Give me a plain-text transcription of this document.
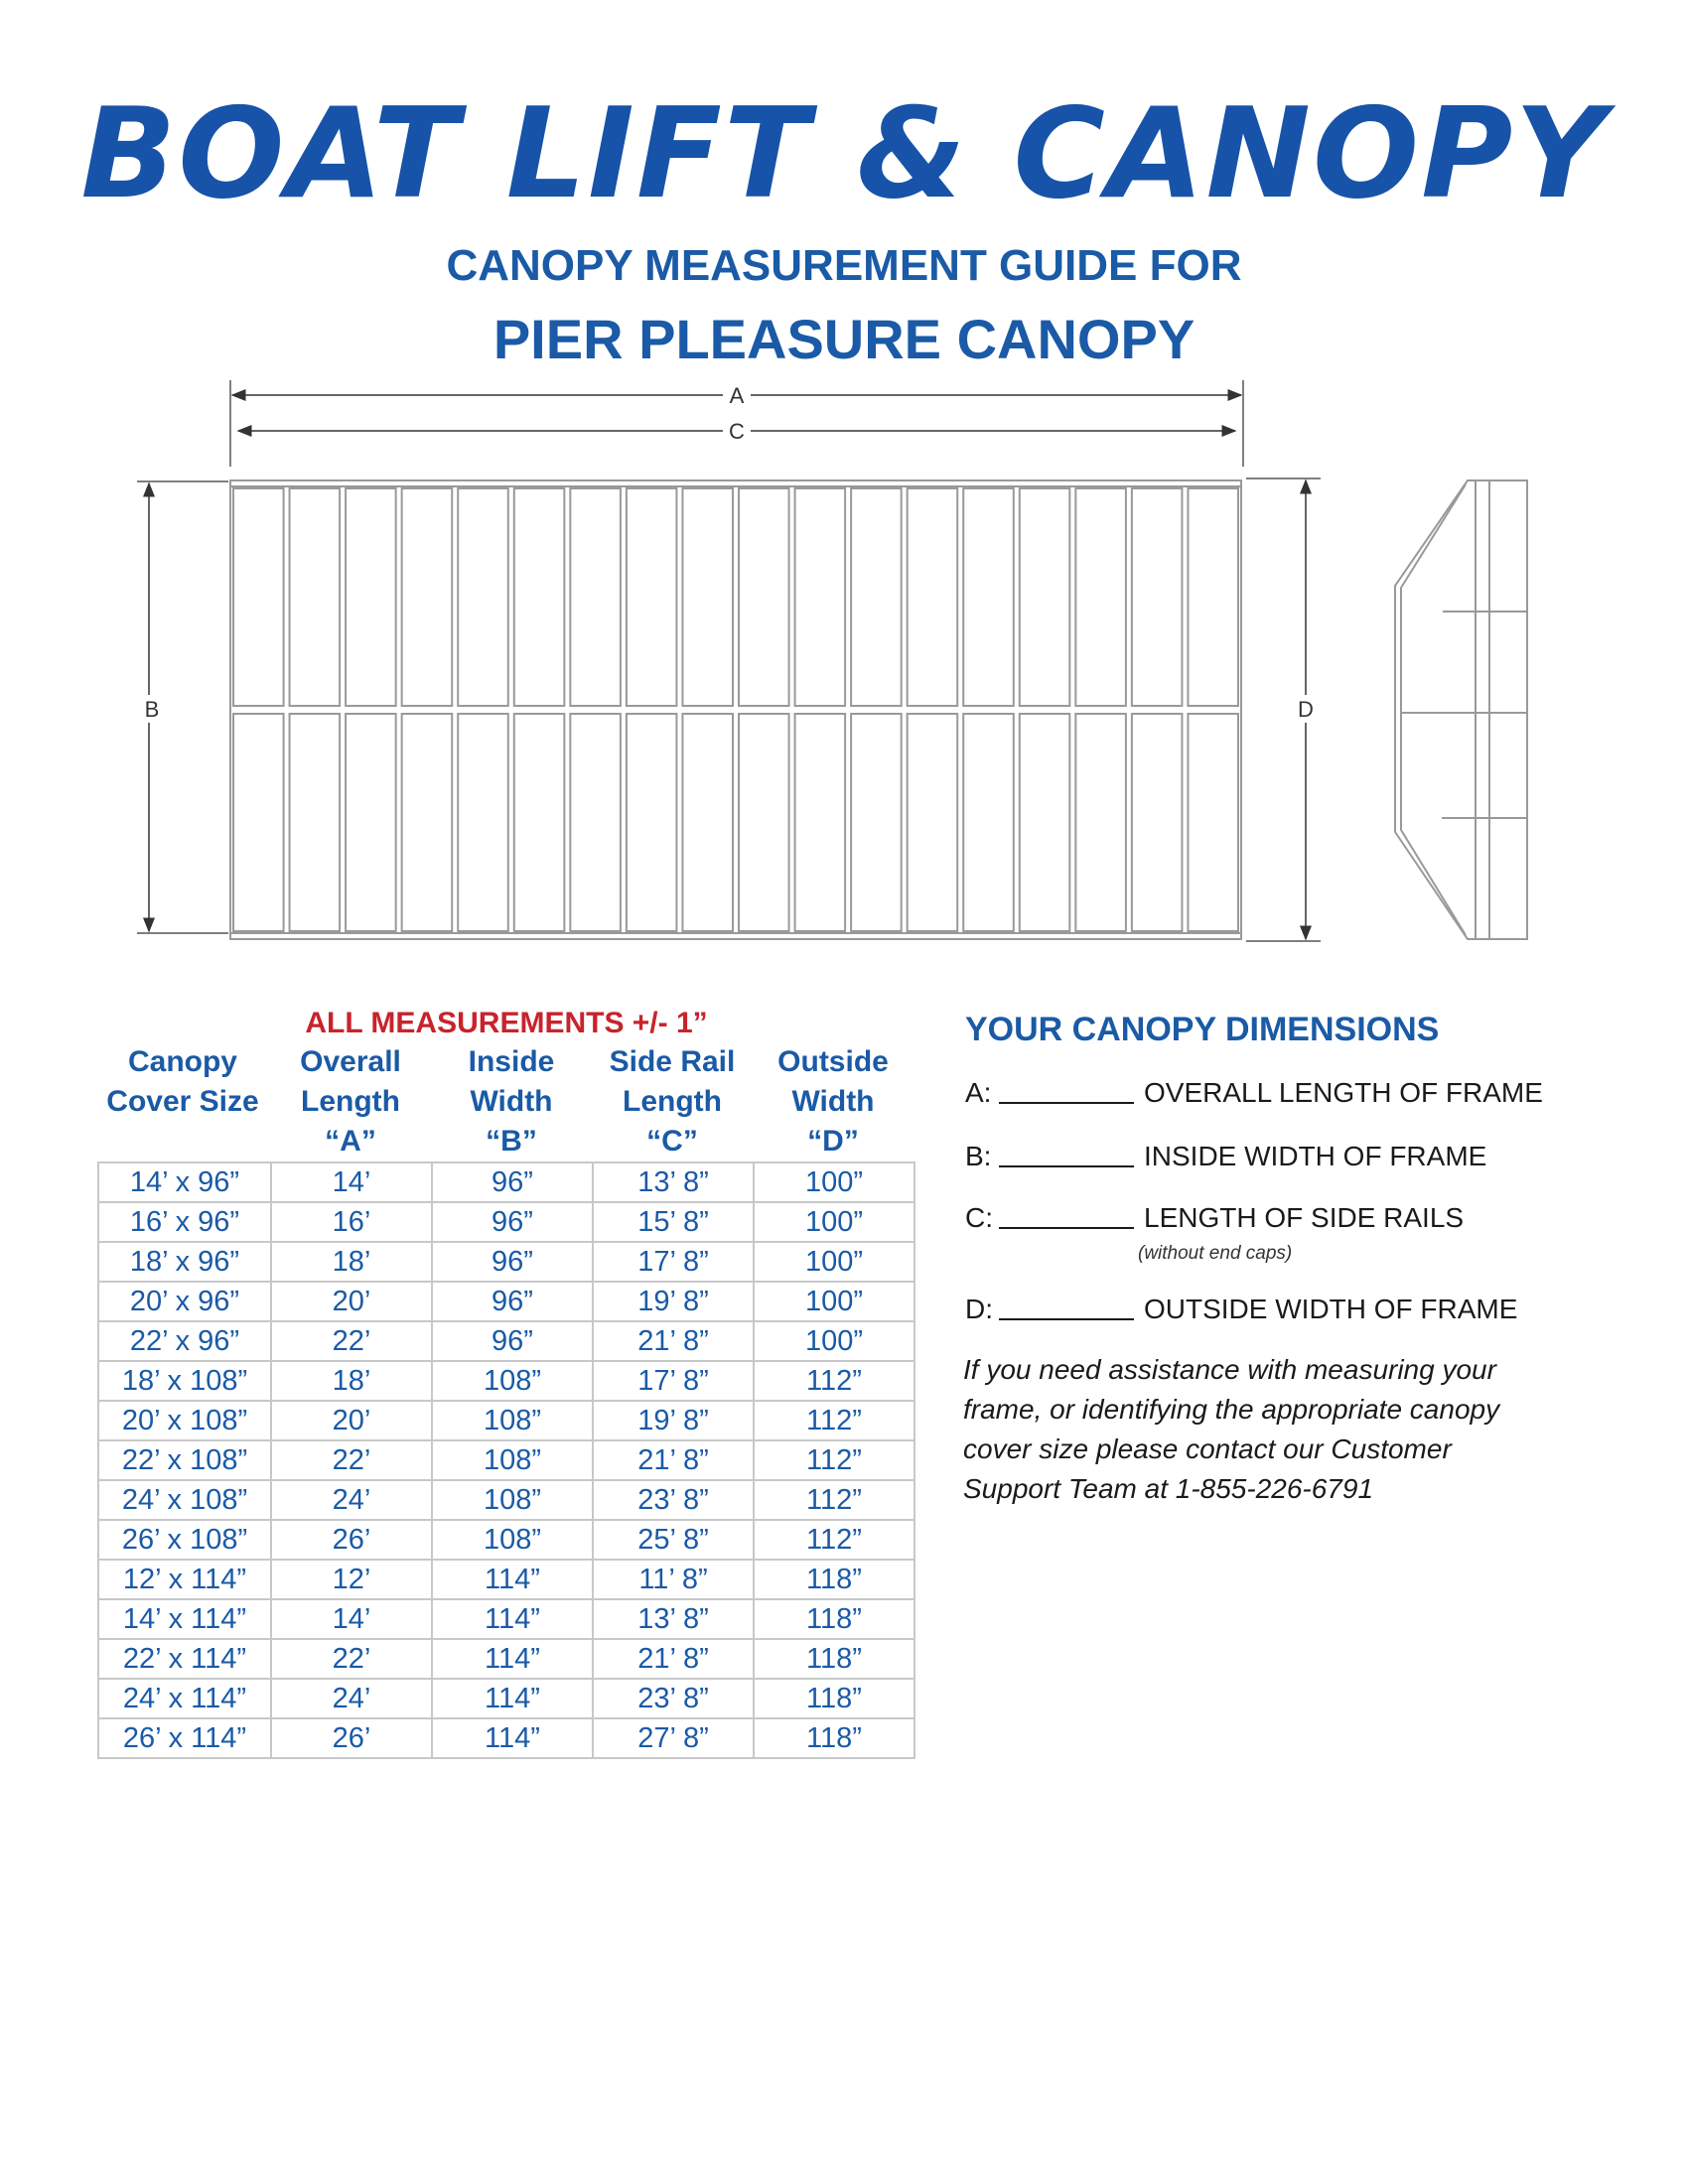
BOAT LIFT & CANOPY
CANOPY MEASUREMENT GUIDE FOR
PIER PLEASURE CANOPY
A
C
B	D
ALL MEASUREMENTS +/- 1”
Canopy
Cover Size
Overall
Length
“A”
Inside
Width
“B”
Side Rail
Length
“C”
Outside
Width
“D”
14’ x 96”	14’	96”	13’ 8”	100”
16’ x 96”	16’	96”	15’ 8”	100”
18’ x 96”	18’	96”	17’ 8”	100”
20’ x 96”	20’	96”	19’ 8”	100”
22’ x 96”	22’	96”	21’ 8”	100”
18’ x 108”	18’	108”	17’ 8”	112”
20’ x 108”	20’	108”	19’ 8”	112”
22’ x 108”	22’	108”	21’ 8”	112”
24’ x 108”	24’	108”	23’ 8”	112”
26’ x 108”	26’	108”	25’ 8”	112”
12’ x 114”	12’	114”	11’ 8”	118”
14’ x 114”	14’	114”	13’ 8”	118”
22’ x 114”	22’	114”	21’ 8”	118”
24’ x 114”	24’	114”	23’ 8”	118”
26’ x 114”	26’	114”	27’ 8”	118”
YOUR CANOPY DIMENSIONS
A:	OVERALL LENGTH OF FRAME
B:	INSIDE WIDTH OF FRAME
C:	LENGTH OF SIDE RAILS
(without end caps)
D:	OUTSIDE WIDTH OF FRAME
If you need assistance with measuring your frame, or identifying the appropriate canopy cover size please contact our Customer Support Team at 1-855-226-6791
